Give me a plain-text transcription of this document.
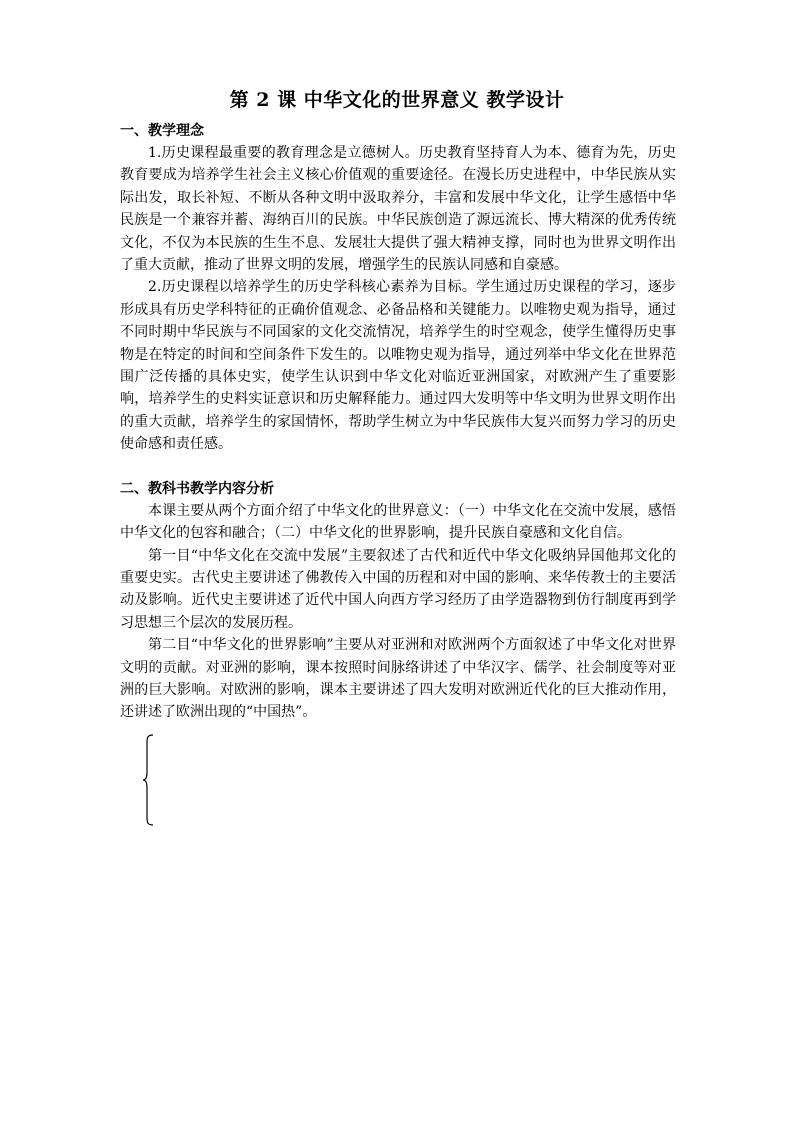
第 2 课 中华文化的世界意义 教学设计

一、教学理念

1.历史课程最重要的教育理念是立德树人。历史教育坚持育人为本、德育为先，历史教育要成为培养学生社会主义核心价值观的重要途径。在漫长历史进程中，中华民族从实际出发，取长补短、不断从各种文明中汲取养分，丰富和发展中华文化，让学生感悟中华民族是一个兼容并蓄、海纳百川的民族。中华民族创造了源远流长、博大精深的优秀传统文化，不仅为本民族的生生不息、发展壮大提供了强大精神支撑，同时也为世界文明作出了重大贡献，推动了世界文明的发展，增强学生的民族认同感和自豪感。

2.历史课程以培养学生的历史学科核心素养为目标。学生通过历史课程的学习，逐步形成具有历史学科特征的正确价值观念、必备品格和关键能力。以唯物史观为指导，通过不同时期中华民族与不同国家的文化交流情况，培养学生的时空观念，使学生懂得历史事物是在特定的时间和空间条件下发生的。以唯物史观为指导，通过列举中华文化在世界范围广泛传播的具体史实，使学生认识到中华文化对临近亚洲国家，对欧洲产生了重要影响，培养学生的史料实证意识和历史解释能力。通过四大发明等中华文明为世界文明作出的重大贡献，培养学生的家国情怀，帮助学生树立为中华民族伟大复兴而努力学习的历史使命感和责任感。

二、教科书教学内容分析

本课主要从两个方面介绍了中华文化的世界意义：（一）中华文化在交流中发展，感悟中华文化的包容和融合；（二）中华文化的世界影响，提升民族自豪感和文化自信。

第一目“中华文化在交流中发展”主要叙述了古代和近代中华文化吸纳异国他邦文化的重要史实。古代史主要讲述了佛教传入中国的历程和对中国的影响、来华传教士的主要活动及影响。近代史主要讲述了近代中国人向西方学习经历了由学造器物到仿行制度再到学习思想三个层次的发展历程。

第二目“中华文化的世界影响”主要从对亚洲和对欧洲两个方面叙述了中华文化对世界文明的贡献。对亚洲的影响，课本按照时间脉络讲述了中华汉字、儒学、社会制度等对亚洲的巨大影响。对欧洲的影响，课本主要讲述了四大发明对欧洲近代化的巨大推动作用，还讲述了欧洲出现的“中国热”。
